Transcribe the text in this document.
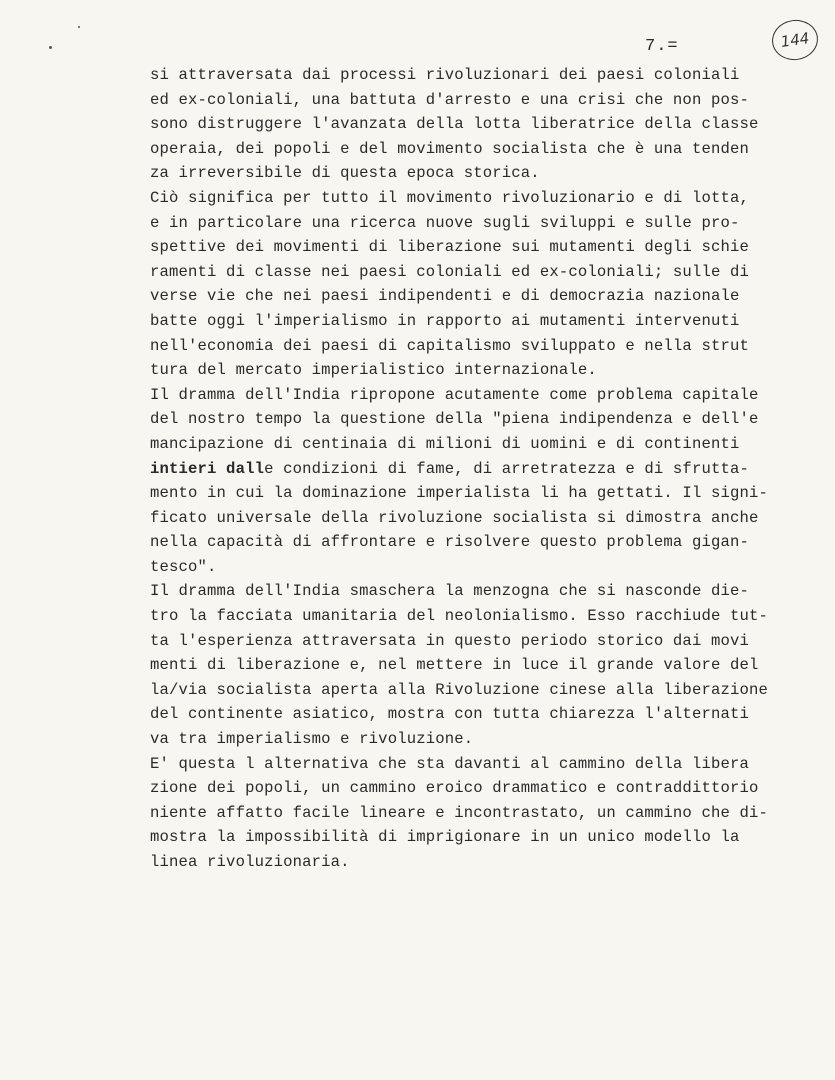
7.=	144
si attraversata dai processi rivoluzionari dei paesi coloniali
ed ex-coloniali, una battuta d'arresto e una crisi che non pos-
sono distruggere l'avanzata della lotta liberatrice della classe
operaia, dei popoli e del movimento socialista che è una tenden
za irreversibile di questa epoca storica.
Ciò significa per tutto il movimento rivoluzionario e di lotta,
e in particolare una ricerca nuove sugli sviluppi e sulle pro-
spettive dei movimenti di liberazione sui mutamenti degli schie
ramenti di classe nei paesi coloniali ed ex-coloniali; sulle di
verse vie che nei paesi indipendenti e di democrazia nazionale
batte oggi l'imperialismo in rapporto ai mutamenti intervenuti
nell'economia dei paesi di capitalismo sviluppato e nella strut
tura del mercato imperialistico internazionale.
Il dramma dell'India ripropone acutamente come problema capitale
del nostro tempo la questione della "piena indipendenza e dell'e
mancipazione di centinaia di milioni di uomini e di continenti
intieri dalle condizioni di fame, di arretratezza e di sfrutta-
mento in cui la dominazione imperialista li ha gettati. Il signi-
ficato universale della rivoluzione socialista si dimostra anche
nella capacità di affrontare e risolvere questo problema gigan-
tesco".
Il dramma dell'India smaschera la menzogna che si nasconde die-
tro la facciata umanitaria del neolonialismo. Esso racchiude tut-
ta l'esperienza attraversata in questo periodo storico dai movi
menti di liberazione e, nel mettere in luce il grande valore del
la/via socialista aperta alla Rivoluzione cinese alla liberazione
del continente asiatico, mostra con tutta chiarezza l'alternati
va tra imperialismo e rivoluzione.
E' questa l alternativa che sta davanti al cammino della libera
zione dei popoli, un cammino eroico drammatico e contraddittorio
niente affatto facile lineare e incontrastato, un cammino che di-
mostra la impossibilità di imprigionare in un unico modello la
linea rivoluzionaria.
